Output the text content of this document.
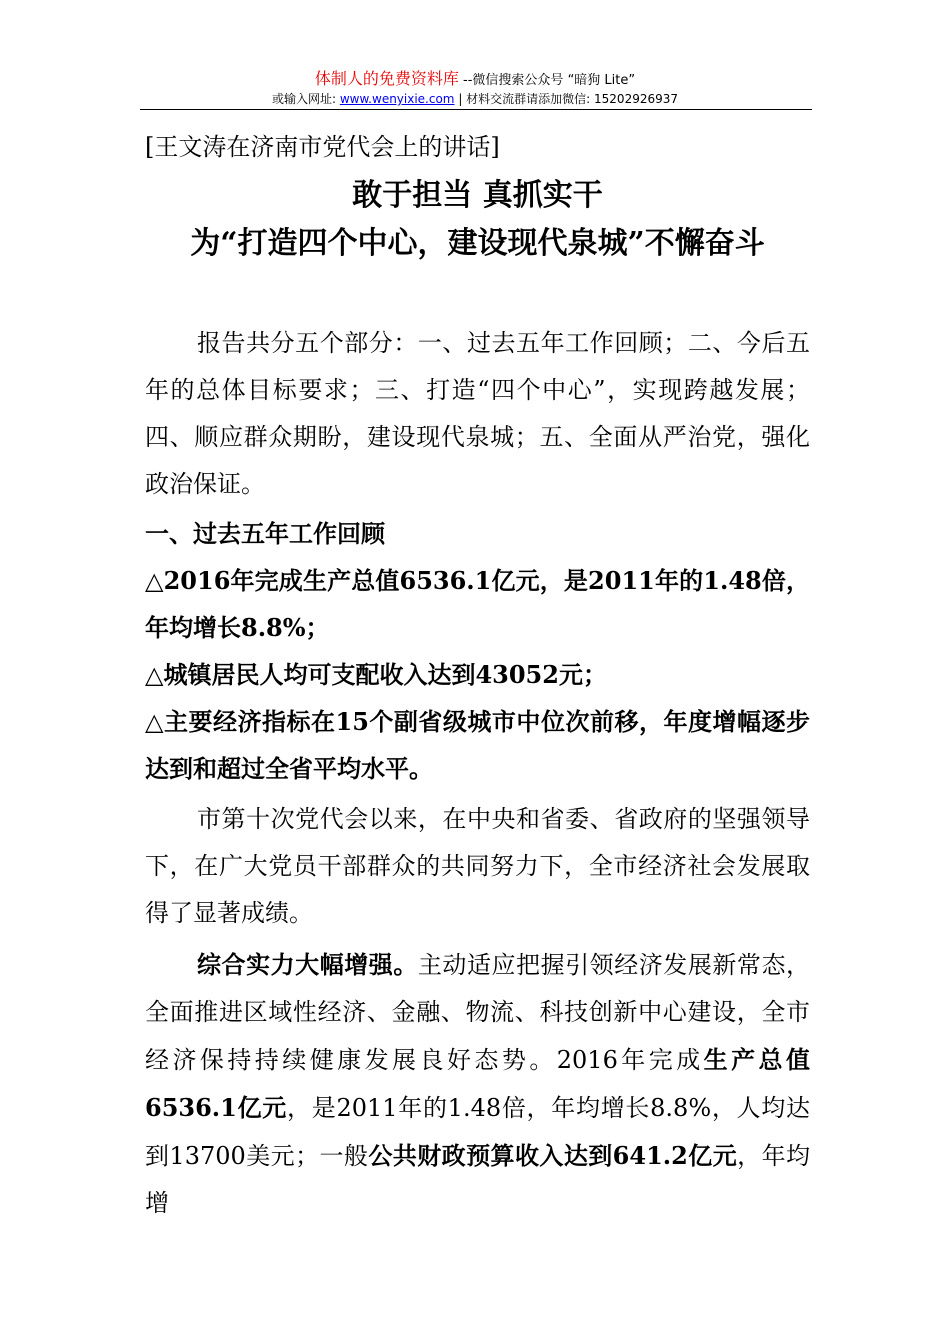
体制人的免费资料库 --微信搜索公众号 “暗狗 Lite”
或输入网址: www.wenyixie.com | 材料交流群请添加微信: 15202926937
[王文涛在济南市党代会上的讲话]
敢于担当 真抓实干
为“打造四个中心，建设现代泉城”不懈奋斗

报告共分五个部分：一、过去五年工作回顾；二、今后五年的总体目标要求；三、打造“四个中心”，实现跨越发展；四、顺应群众期盼，建设现代泉城；五、全面从严治党，强化政治保证。

一、过去五年工作回顾

△2016年完成生产总值6536.1亿元，是2011年的1.48倍，年均增长8.8%；

△城镇居民人均可支配收入达到43052元；

△主要经济指标在15个副省级城市中位次前移，年度增幅逐步达到和超过全省平均水平。

市第十次党代会以来，在中央和省委、省政府的坚强领导下，在广大党员干部群众的共同努力下，全市经济社会发展取得了显著成绩。

综合实力大幅增强。主动适应把握引领经济发展新常态，全面推进区域性经济、金融、物流、科技创新中心建设，全市经济保持持续健康发展良好态势。2016年完成生产总值6536.1亿元，是2011年的1.48倍，年均增长8.8%，人均达到13700美元；一般公共财政预算收入达到641.2亿元，年均增
